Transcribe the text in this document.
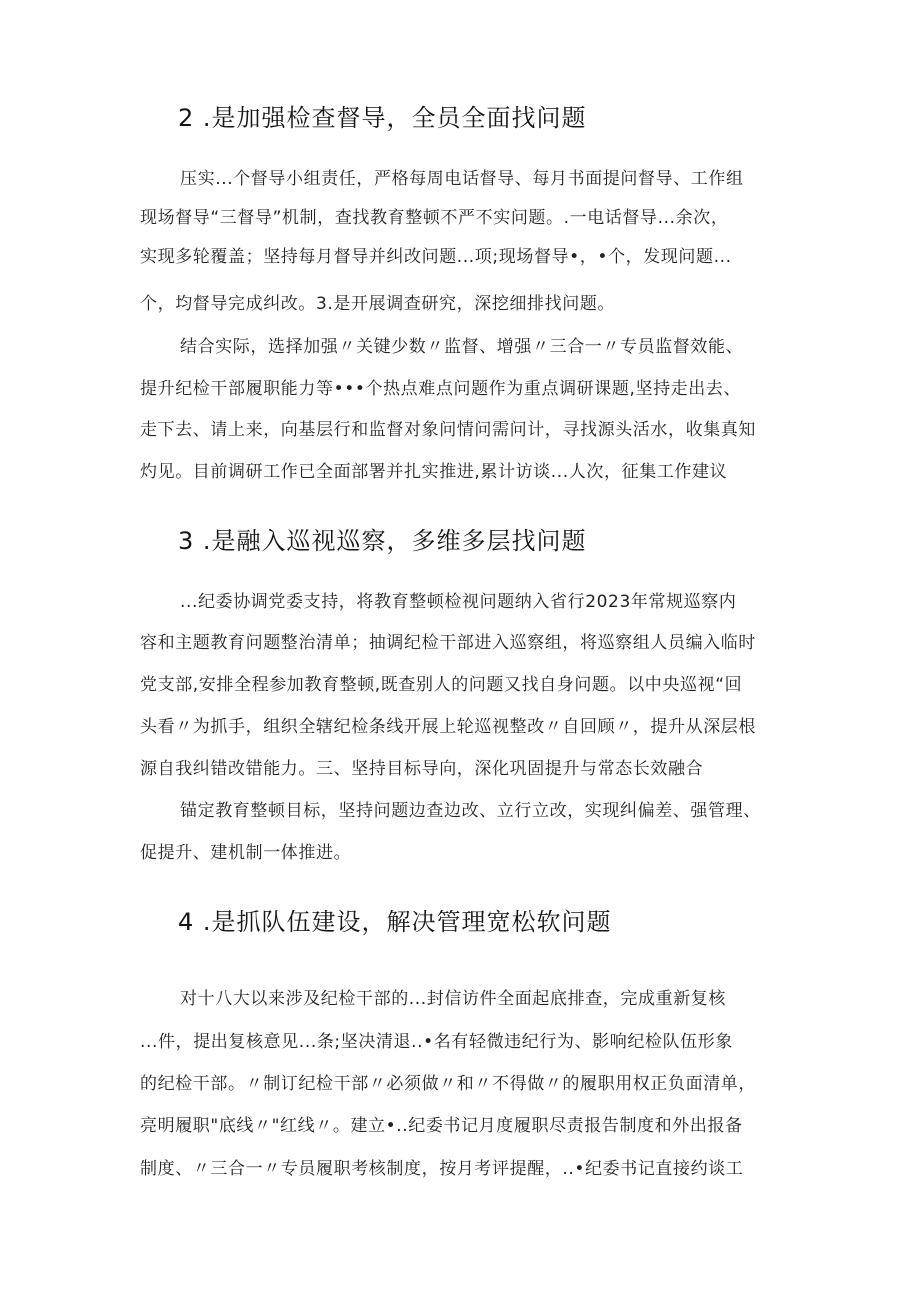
2 .是加强检查督导，全员全面找问题
压实...个督导小组责任，严格每周电话督导、每月书面提问督导、工作组
现场督导“三督导”机制，查找教育整顿不严不实问题。.一电话督导...余次，
实现多轮覆盖；坚持每月督导并纠改问题...项;现场督导•，•个，发现问题...
个，均督导完成纠改。3.是开展调查研究，深挖细排找问题。
结合实际，选择加强〃关键少数〃监督、增强〃三合一〃专员监督效能、
提升纪检干部履职能力等•••个热点难点问题作为重点调研课题,坚持走出去、
走下去、请上来，向基层行和监督对象问情问需问计，寻找源头活水，收集真知
灼见。目前调研工作已全面部署并扎实推进,累计访谈...人次，征集工作建议
3 .是融入巡视巡察，多维多层找问题
...纪委协调党委支持，将教育整顿检视问题纳入省行2023年常规巡察内
容和主题教育问题整治清单；抽调纪检干部进入巡察组，将巡察组人员编入临时
党支部,安排全程参加教育整顿,既查别人的问题又找自身问题。以中央巡视“回
头看〃为抓手，组织全辖纪检条线开展上轮巡视整改〃自回顾〃，提升从深层根
源自我纠错改错能力。三、坚持目标导向，深化巩固提升与常态长效融合
锚定教育整顿目标，坚持问题边查边改、立行立改，实现纠偏差、强管理、
促提升、建机制一体推进。
4 .是抓队伍建设，解决管理宽松软问题
对十八大以来涉及纪检干部的...封信访件全面起底排查，完成重新复核
...件，提出复核意见...条;坚决清退..•名有轻微违纪行为、影响纪检队伍形象
的纪检干部。〃制订纪检干部〃必须做〃和〃不得做〃的履职用权正负面清单，
亮明履职"底线〃"红线〃。建立•..纪委书记月度履职尽责报告制度和外出报备
制度、〃三合一〃专员履职考核制度，按月考评提醒，..•纪委书记直接约谈工
